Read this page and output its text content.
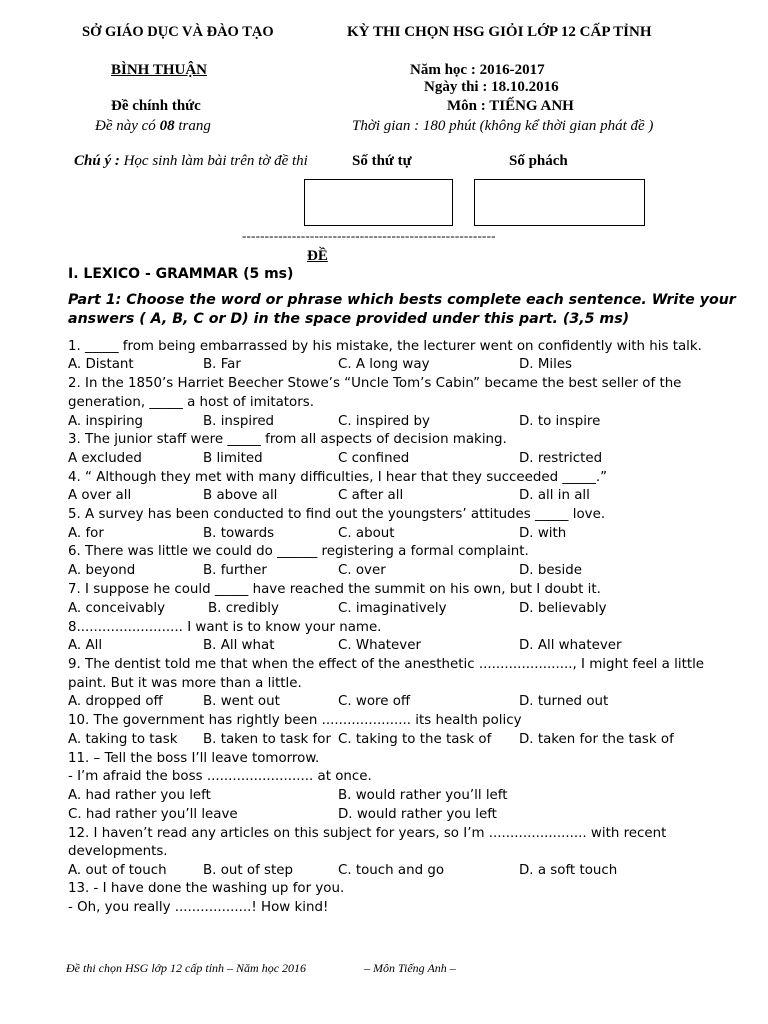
SỞ GIÁO DỤC VÀ ĐÀO TẠO
BÌNH THUẬN
Đề chính thức
Đề này có 08 trang
KỲ THI CHỌN HSG GIỎI LỚP 12 CẤP TỈNH
Năm học : 2016-2017
Ngày thi : 18.10.2016
Môn : TIẾNG ANH
Thời gian : 180 phút (không kể thời gian phát đề )
Chú ý : Học sinh làm bài trên tờ đề thi	Số thứ tự	Số phách
--------------------------------------------------------
ĐỀ
I. LEXICO - GRAMMAR (5 ms)
Part 1: Choose the word or phrase which bests complete each sentence. Write your
answers ( A, B, C or D) in the space provided under this part. (3,5 ms)
1. _____ from being embarrassed by his mistake, the lecturer went on confidently with his talk.
2. In the 1850’s Harriet Beecher Stowe’s “Uncle Tom’s Cabin” became the best seller of the
generation, _____ a host of imitators.
3. The junior staff were _____ from all aspects of decision making.
4. “ Although they met with many difficulties, I hear that they succeeded _____.”
5. A survey has been conducted to find out the youngsters’ attitudes _____ love.
6. There was little we could do ______ registering a formal complaint.
7. I suppose he could _____ have reached the summit on his own, but I doubt it.
8......................... I want is to know your name.
9. The dentist told me that when the effect of the anesthetic ......................, I might feel a little
paint. But it was more than a little.
10. The government has rightly been ..................... its health policy
11. – Tell the boss I’ll leave tomorrow.
- I’m afraid the boss ......................... at once.
12. I haven’t read any articles on this subject for years, so I’m ....................... with recent
developments.
13. - I have done the washing up for you.
- Oh, you really ..................! How kind!
A. Distant	B. Far	C. A long way	D. Miles
A. inspiring	B. inspired	C. inspired by	D. to inspire
A excluded	B limited	C confined	D. restricted
A over all	B above all	C after all	D. all in all
A. for	B. towards	C. about	D. with
A. beyond	B. further	C. over	D. beside
A. conceivably	B. credibly	C. imaginatively	D. believably
A. All	B. All what	C. Whatever	D. All whatever
A. dropped off	B. went out	C. wore off	D. turned out
A. taking to task B. taken to task for C. taking to the task of D. taken for the task of
A. had rather you left	B. would rather you’ll left
C. had rather you’ll leave	D. would rather you left
A. out of touch	B. out of step	C. touch and go	D. a soft touch
Đề thi chọn HSG lớp 12 cấp tỉnh – Năm học 2016	– Môn Tiếng Anh –
